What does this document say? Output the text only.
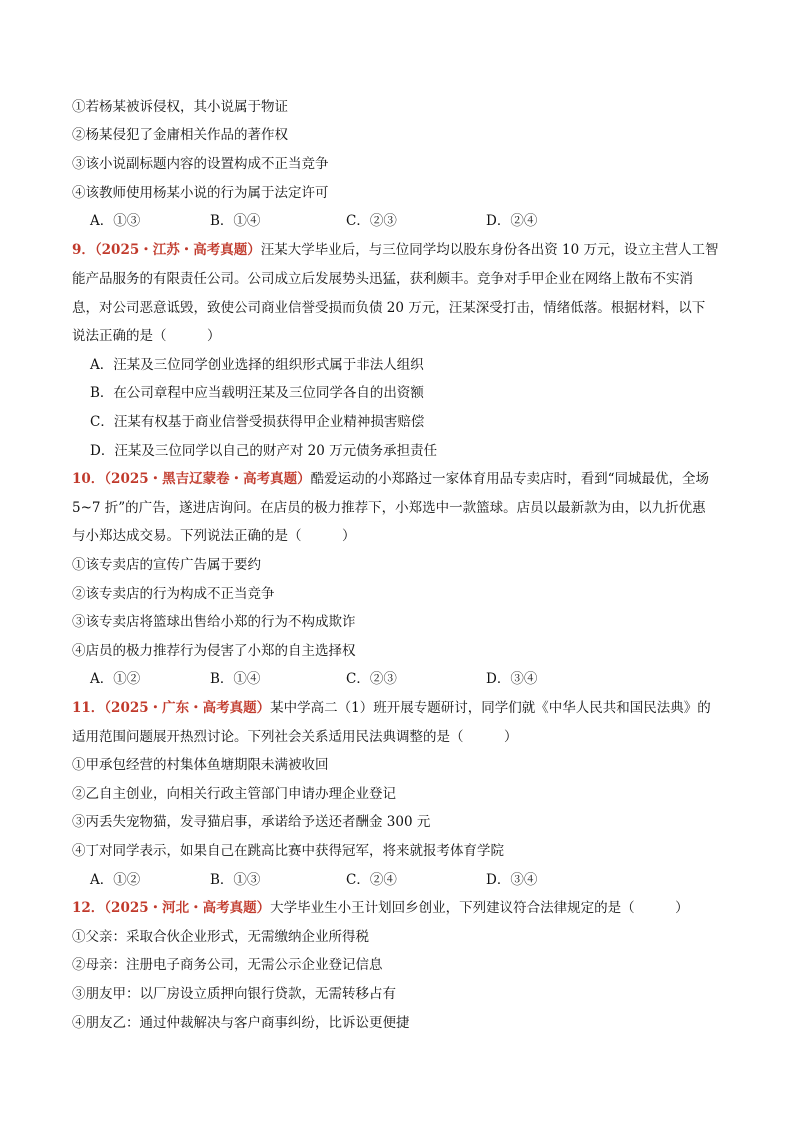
①若杨某被诉侵权，其小说属于物证
②杨某侵犯了金庸相关作品的著作权
③该小说副标题内容的设置构成不正当竞争
④该教师使用杨某小说的行为属于法定许可
A．①③	B．①④	C．②③	D．②④
9．（2025・江苏・高考真题）汪某大学毕业后，与三位同学均以股东身份各出资 10 万元，设立主营人工智
能产品服务的有限责任公司。公司成立后发展势头迅猛，获利颇丰。竞争对手甲企业在网络上散布不实消
息，对公司恶意诋毁，致使公司商业信誉受损而负债 20 万元，汪某深受打击，情绪低落。根据材料，以下
说法正确的是（　　　）
A．汪某及三位同学创业选择的组织形式属于非法人组织
B．在公司章程中应当载明汪某及三位同学各自的出资额
C．汪某有权基于商业信誉受损获得甲企业精神损害赔偿
D．汪某及三位同学以自己的财产对 20 万元债务承担责任
10．（2025・黑吉辽蒙卷・高考真题）酷爱运动的小郑路过一家体育用品专卖店时，看到“同城最优，全场
5~7 折”的广告，遂进店询问。在店员的极力推荐下，小郑选中一款篮球。店员以最新款为由，以九折优惠
与小郑达成交易。下列说法正确的是（　　　）
①该专卖店的宣传广告属于要约
②该专卖店的行为构成不正当竞争
③该专卖店将篮球出售给小郑的行为不构成欺诈
④店员的极力推荐行为侵害了小郑的自主选择权
A．①②	B．①④	C．②③	D．③④
11．（2025・广东・高考真题）某中学高二（1）班开展专题研讨，同学们就《中华人民共和国民法典》的
适用范围问题展开热烈讨论。下列社会关系适用民法典调整的是（　　　）
①甲承包经营的村集体鱼塘期限未满被收回
②乙自主创业，向相关行政主管部门申请办理企业登记
③丙丢失宠物猫，发寻猫启事，承诺给予送还者酬金 300 元
④丁对同学表示，如果自己在跳高比赛中获得冠军，将来就报考体育学院
A．①②	B．①③	C．②④	D．③④
12．（2025・河北・高考真题）大学毕业生小王计划回乡创业，下列建议符合法律规定的是（　　　）
①父亲：采取合伙企业形式，无需缴纳企业所得税
②母亲：注册电子商务公司，无需公示企业登记信息
③朋友甲：以厂房设立质押向银行贷款，无需转移占有
④朋友乙：通过仲裁解决与客户商事纠纷，比诉讼更便捷
